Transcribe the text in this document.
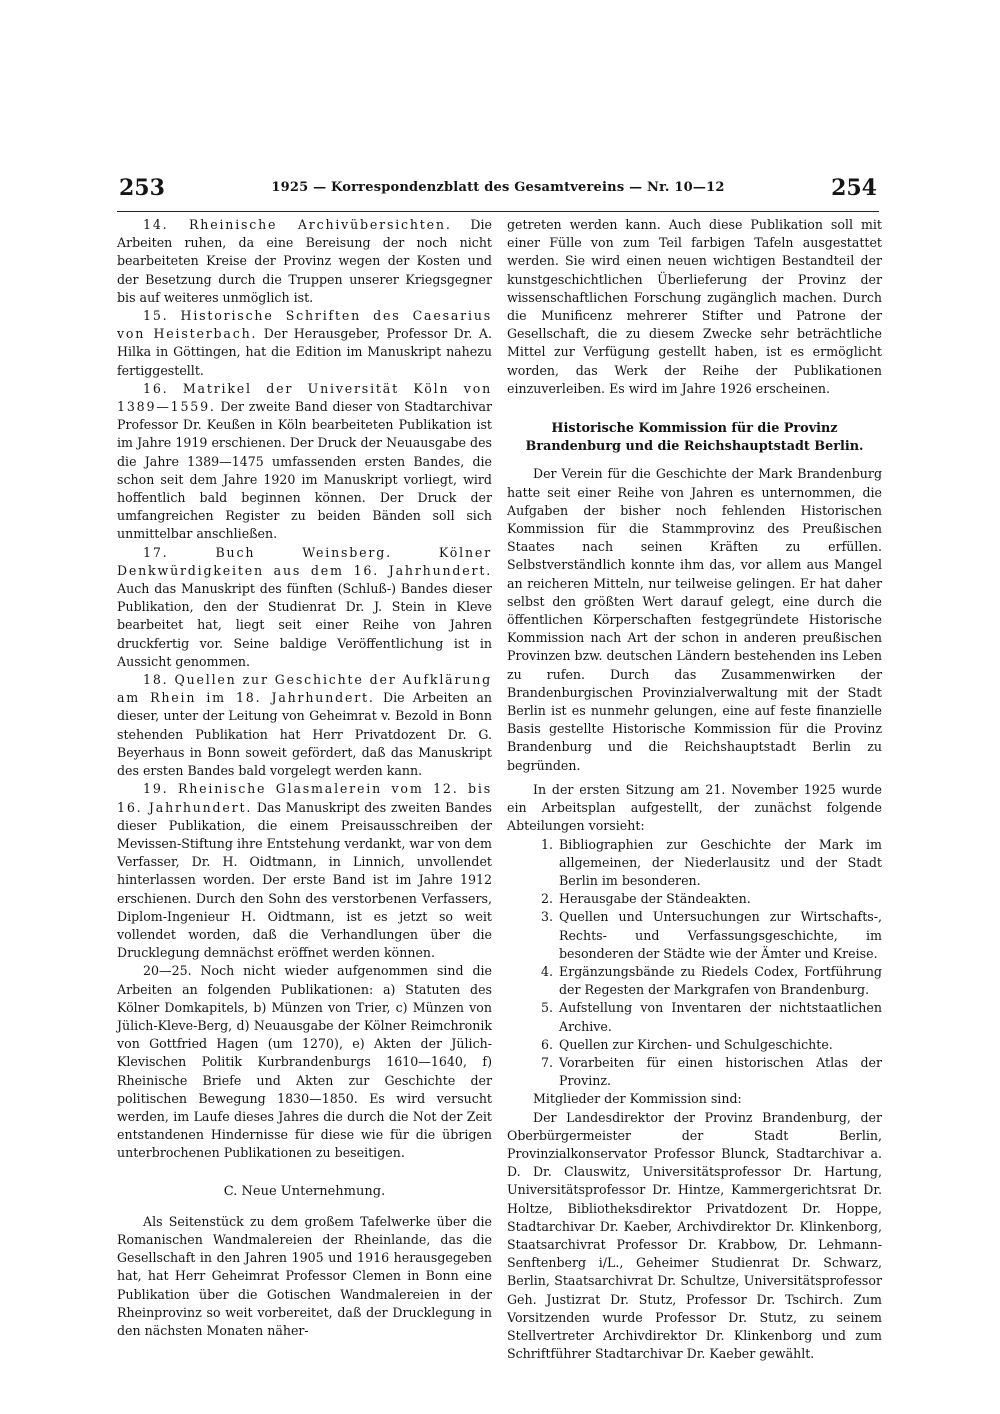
253	1925 — Korrespondenzblatt des Gesamtvereins — Nr. 10—12	254

14. Rheinische Archivübersichten. Die Arbeiten ruhen, da eine Bereisung der noch nicht bearbeiteten Kreise der Provinz wegen der Kosten und der Besetzung durch die Truppen unserer Kriegsgegner bis auf weiteres unmöglich ist.

15. Historische Schriften des Caesarius von Heisterbach. Der Herausgeber, Professor Dr. A. Hilka in Göttingen, hat die Edition im Manuskript nahezu fertiggestellt.

16. Matrikel der Universität Köln von 1389—1559. Der zweite Band dieser von Stadtarchivar Professor Dr. Keußen in Köln bearbeiteten Publikation ist im Jahre 1919 erschienen. Der Druck der Neuausgabe des die Jahre 1389—1475 umfassenden ersten Bandes, die schon seit dem Jahre 1920 im Manuskript vorliegt, wird hoffentlich bald beginnen können. Der Druck der umfangreichen Register zu beiden Bänden soll sich unmittelbar anschließen.

17. Buch Weinsberg. Kölner Denkwürdigkeiten aus dem 16. Jahrhundert. Auch das Manuskript des fünften (Schluß-) Bandes dieser Publikation, den der Studienrat Dr. J. Stein in Kleve bearbeitet hat, liegt seit einer Reihe von Jahren druckfertig vor. Seine baldige Veröffentlichung ist in Aussicht genommen.

18. Quellen zur Geschichte der Aufklärung am Rhein im 18. Jahrhundert. Die Arbeiten an dieser, unter der Leitung von Geheimrat v. Bezold in Bonn stehenden Publikation hat Herr Privatdozent Dr. G. Beyerhaus in Bonn soweit gefördert, daß das Manuskript des ersten Bandes bald vorgelegt werden kann.

19. Rheinische Glasmalerein vom 12. bis 16. Jahrhundert. Das Manuskript des zweiten Bandes dieser Publikation, die einem Preisausschreiben der Mevissen-Stiftung ihre Entstehung verdankt, war von dem Verfasser, Dr. H. Oidtmann, in Linnich, unvollendet hinterlassen worden. Der erste Band ist im Jahre 1912 erschienen. Durch den Sohn des verstorbenen Verfassers, Diplom-Ingenieur H. Oidtmann, ist es jetzt so weit vollendet worden, daß die Verhandlungen über die Drucklegung demnächst eröffnet werden können.

20—25. Noch nicht wieder aufgenommen sind die Arbeiten an folgenden Publikationen: a) Statuten des Kölner Domkapitels, b) Münzen von Trier, c) Münzen von Jülich-Kleve-Berg, d) Neuausgabe der Kölner Reimchronik von Gottfried Hagen (um 1270), e) Akten der Jülich-Klevischen Politik Kurbrandenburgs 1610—1640, f) Rheinische Briefe und Akten zur Geschichte der politischen Bewegung 1830—1850. Es wird versucht werden, im Laufe dieses Jahres die durch die Not der Zeit entstandenen Hindernisse für diese wie für die übrigen unterbrochenen Publikationen zu beseitigen.

C. Neue Unternehmung.

Als Seitenstück zu dem großem Tafelwerke über die Romanischen Wandmalereien der Rheinlande, das die Gesellschaft in den Jahren 1905 und 1916 herausgegeben hat, hat Herr Geheimrat Professor Clemen in Bonn eine Publikation über die Gotischen Wandmalereien in der Rheinprovinz so weit vorbereitet, daß der Drucklegung in den nächsten Monaten näher-

getreten werden kann. Auch diese Publikation soll mit einer Fülle von zum Teil farbigen Tafeln ausgestattet werden. Sie wird einen neuen wichtigen Bestandteil der kunstgeschichtlichen Überlieferung der Provinz der wissenschaftlichen Forschung zugänglich machen. Durch die Munificenz mehrerer Stifter und Patrone der Gesellschaft, die zu diesem Zwecke sehr beträchtliche Mittel zur Verfügung gestellt haben, ist es ermöglicht worden, das Werk der Reihe der Publikationen einzuverleiben. Es wird im Jahre 1926 erscheinen.

Historische Kommission für die Provinz Brandenburg und die Reichshauptstadt Berlin.

Der Verein für die Geschichte der Mark Brandenburg hatte seit einer Reihe von Jahren es unternommen, die Aufgaben der bisher noch fehlenden Historischen Kommission für die Stammprovinz des Preußischen Staates nach seinen Kräften zu erfüllen. Selbstverständlich konnte ihm das, vor allem aus Mangel an reicheren Mitteln, nur teilweise gelingen. Er hat daher selbst den größten Wert darauf gelegt, eine durch die öffentlichen Körperschaften festgegründete Historische Kommission nach Art der schon in anderen preußischen Provinzen bzw. deutschen Ländern bestehenden ins Leben zu rufen. Durch das Zusammenwirken der Brandenburgischen Provinzialverwaltung mit der Stadt Berlin ist es nunmehr gelungen, eine auf feste finanzielle Basis gestellte Historische Kommission für die Provinz Brandenburg und die Reichshauptstadt Berlin zu begründen.

In der ersten Sitzung am 21. November 1925 wurde ein Arbeitsplan aufgestellt, der zunächst folgende Abteilungen vorsieht:

1. Bibliographien zur Geschichte der Mark im allgemeinen, der Niederlausitz und der Stadt Berlin im besonderen.
2. Herausgabe der Ständeakten.
3. Quellen und Untersuchungen zur Wirtschafts-, Rechts- und Verfassungsgeschichte, im besonderen der Städte wie der Ämter und Kreise.
4. Ergänzungsbände zu Riedels Codex, Fortführung der Regesten der Markgrafen von Brandenburg.
5. Aufstellung von Inventaren der nichtstaatlichen Archive.
6. Quellen zur Kirchen- und Schulgeschichte.
7. Vorarbeiten für einen historischen Atlas der Provinz.

Mitglieder der Kommission sind:

Der Landesdirektor der Provinz Brandenburg, der Oberbürgermeister der Stadt Berlin, Provinzialkonservator Professor Blunck, Stadtarchivar a. D. Dr. Clauswitz, Universitätsprofessor Dr. Hartung, Universitätsprofessor Dr. Hintze, Kammergerichtsrat Dr. Holtze, Bibliotheksdirektor Privatdozent Dr. Hoppe, Stadtarchivar Dr. Kaeber, Archivdirektor Dr. Klinkenborg, Staatsarchivrat Professor Dr. Krabbow, Dr. Lehmann-Senftenberg i/L., Geheimer Studienrat Dr. Schwarz, Berlin, Staatsarchivrat Dr. Schultze, Universitätsprofessor Geh. Justizrat Dr. Stutz, Professor Dr. Tschirch. Zum Vorsitzenden wurde Professor Dr. Stutz, zu seinem Stellvertreter Archivdirektor Dr. Klinkenborg und zum Schriftführer Stadtarchivar Dr. Kaeber gewählt.
